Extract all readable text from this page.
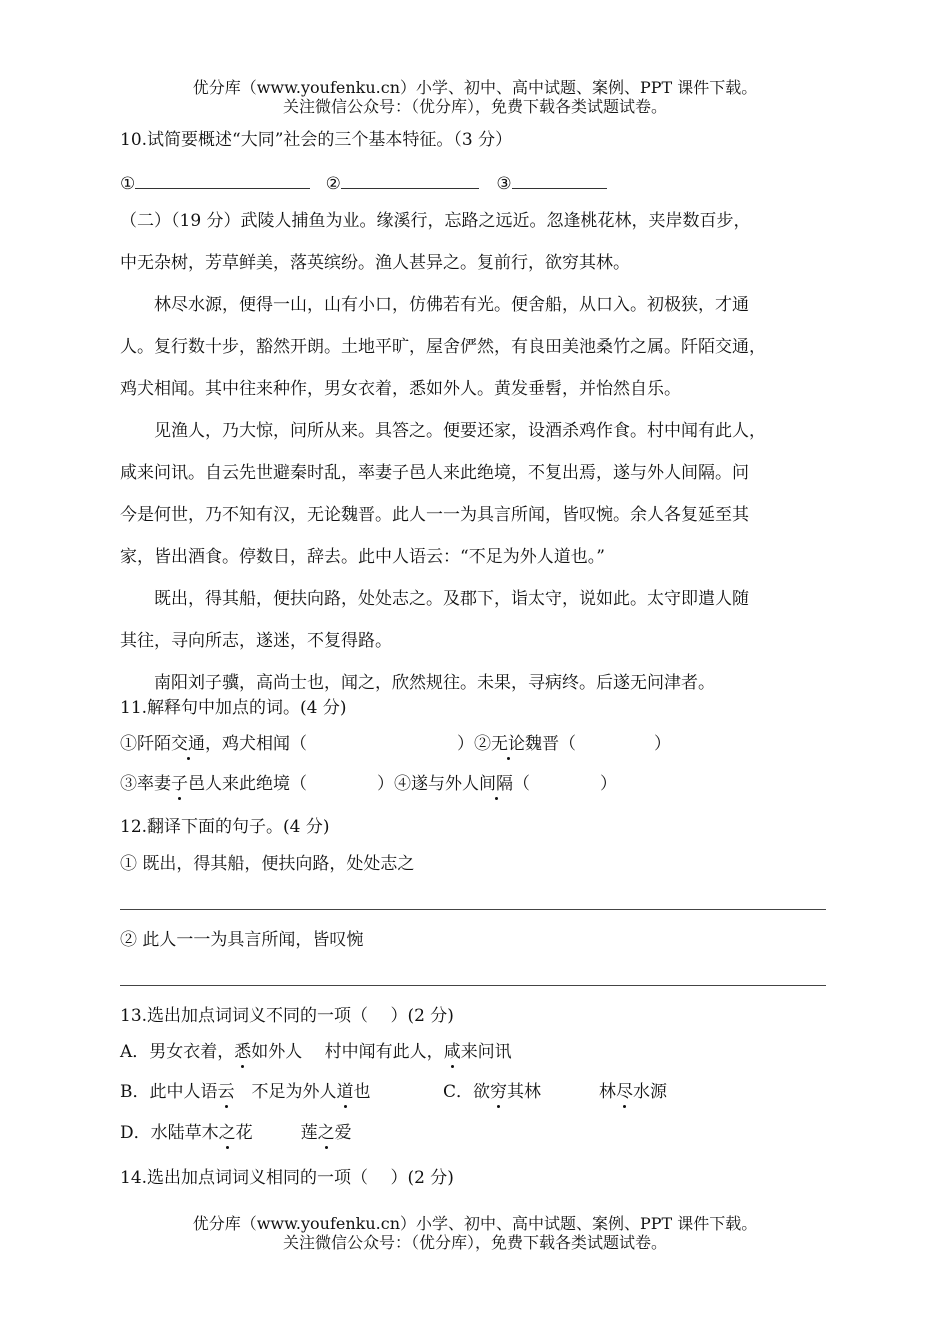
优分库（www.youfenku.cn）小学、初中、高中试题、案例、PPT 课件下载。
关注微信公众号：（优分库），免费下载各类试题试卷。
10.试简要概述“大同”社会的三个基本特征。（3 分）
①	②	③

（二）（19 分）武陵人捕鱼为业。缘溪行，忘路之远近。忽逢桃花林，夹岸数百步，

中无杂树，芳草鲜美，落英缤纷。渔人甚异之。复前行，欲穷其林。

林尽水源，便得一山，山有小口，仿佛若有光。便舍船，从口入。初极狭，才通

人。复行数十步，豁然开朗。土地平旷，屋舍俨然，有良田美池桑竹之属。阡陌交通，

鸡犬相闻。其中往来种作，男女衣着，悉如外人。黄发垂髫，并怡然自乐。

见渔人，乃大惊，问所从来。具答之。便要还家，设酒杀鸡作食。村中闻有此人，

咸来问讯。自云先世避秦时乱，率妻子邑人来此绝境，不复出焉，遂与外人间隔。问

今是何世，乃不知有汉，无论魏晋。此人一一为具言所闻，皆叹惋。余人各复延至其

家，皆出酒食。停数日，辞去。此中人语云：“不足为外人道也。”

既出，得其船，便扶向路，处处志之。及郡下，诣太守，说如此。太守即遣人随

其往，寻向所志，遂迷，不复得路。

南阳刘子骥，高尚士也，闻之，欣然规往。未果，寻病终。后遂无问津者。

11.解释句中加点的词。(4 分)
①阡陌交通，鸡犬相闻（	）②无论魏晋（	）
③率妻子邑人来此绝境（	）④遂与外人间隔（	）
12.翻译下面的句子。(4 分)
① 既出，得其船，便扶向路，处处志之
② 此人一一为具言所闻，皆叹惋
13.选出加点词词义不同的一项（　 ）(2 分)
A．男女衣着，悉如外人　 村中闻有此人，咸来问讯
B．此中人语云　不足为外人道也	C．欲穷其林	林尽水源
D．水陆草木之花	莲之爱
14.选出加点词词义相同的一项（　 ）(2 分)
优分库（www.youfenku.cn）小学、初中、高中试题、案例、PPT 课件下载。
关注微信公众号：（优分库），免费下载各类试题试卷。
